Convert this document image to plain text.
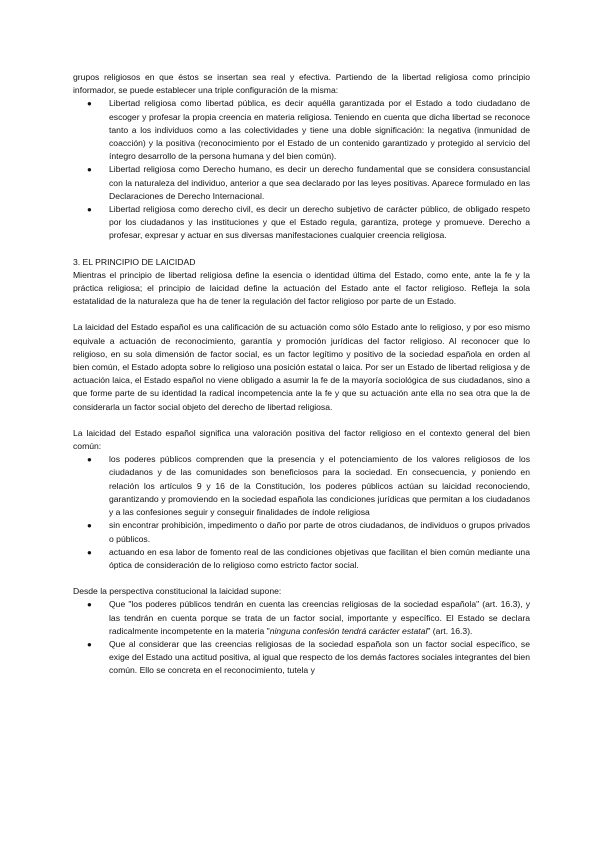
grupos religiosos en que éstos se insertan sea real y efectiva. Partiendo de la libertad religiosa como principio informador, se puede establecer una triple configuración de la misma:

●	Libertad religiosa como libertad pública, es decir aquélla garantizada por el Estado a todo ciudadano de escoger y profesar la propia creencia en materia religiosa. Teniendo en cuenta que dicha libertad se reconoce tanto a los individuos como a las colectividades y tiene una doble significación: la negativa (inmunidad de coacción) y la positiva (reconocimiento por el Estado de un contenido garantizado y protegido al servicio del íntegro desarrollo de la persona humana y del bien común).
●	Libertad religiosa como Derecho humano, es decir un derecho fundamental que se considera consustancial con la naturaleza del individuo, anterior a que sea declarado por las leyes positivas. Aparece formulado en las Declaraciones de Derecho Internacional.
●	Libertad religiosa como derecho civil, es decir un derecho subjetivo de carácter público, de obligado respeto por los ciudadanos y las instituciones y que el Estado regula, garantiza, protege y promueve. Derecho a profesar, expresar y actuar en sus diversas manifestaciones cualquier creencia religiosa.

3. EL PRINCIPIO DE LAICIDAD

Mientras el principio de libertad religiosa define la esencia o identidad última del Estado, como ente, ante la fe y la práctica religiosa; el principio de laicidad define la actuación del Estado ante el factor religioso. Refleja la sola estatalidad de la naturaleza que ha de tener la regulación del factor religioso por parte de un Estado.

La laicidad del Estado español es una calificación de su actuación como sólo Estado ante lo religioso, y por eso mismo equivale a actuación de reconocimiento, garantía y promoción jurídicas del factor religioso. Al reconocer que lo religioso, en su sola dimensión de factor social, es un factor legítimo y positivo de la sociedad española en orden al bien común, el Estado adopta sobre lo religioso una posición estatal o laica. Por ser un Estado de libertad religiosa y de actuación laica, el Estado español no viene obligado a asumir la fe de la mayoría sociológica de sus ciudadanos, sino a que forme parte de su identidad la radical incompetencia ante la fe y que su actuación ante ella no sea otra que la de considerarla un factor social objeto del derecho de libertad religiosa.

La laicidad del Estado español significa una valoración positiva del factor religioso en el contexto general del bien común:

●	los poderes públicos comprenden que la presencia y el potenciamiento de los valores religiosos de los ciudadanos y de las comunidades son beneficiosos para la sociedad. En consecuencia, y poniendo en relación los artículos 9 y 16 de la Constitución, los poderes públicos actúan su laicidad reconociendo, garantizando y promoviendo en la sociedad española las condiciones jurídicas que permitan a los ciudadanos y a las confesiones seguir y conseguir finalidades de índole religiosa
●	sin encontrar prohibición, impedimento o daño por parte de otros ciudadanos, de individuos o grupos privados o públicos.
●	actuando en esa labor de fomento real de las condiciones objetivas que facilitan el bien común mediante una óptica de consideración de lo religioso como estricto factor social.

Desde la perspectiva constitucional la laicidad supone:

●	Que "los poderes públicos tendrán en cuenta las creencias religiosas de la sociedad española" (art. 16.3), y las tendrán en cuenta porque se trata de un factor social, importante y específico. El Estado se declara radicalmente incompetente en la materia "ninguna confesión tendrá carácter estatal" (art. 16.3).
●	Que al considerar que las creencias religiosas de la sociedad española son un factor social específico, se exige del Estado una actitud positiva, al igual que respecto de los demás factores sociales integrantes del bien común. Ello se concreta en el reconocimiento, tutela y
